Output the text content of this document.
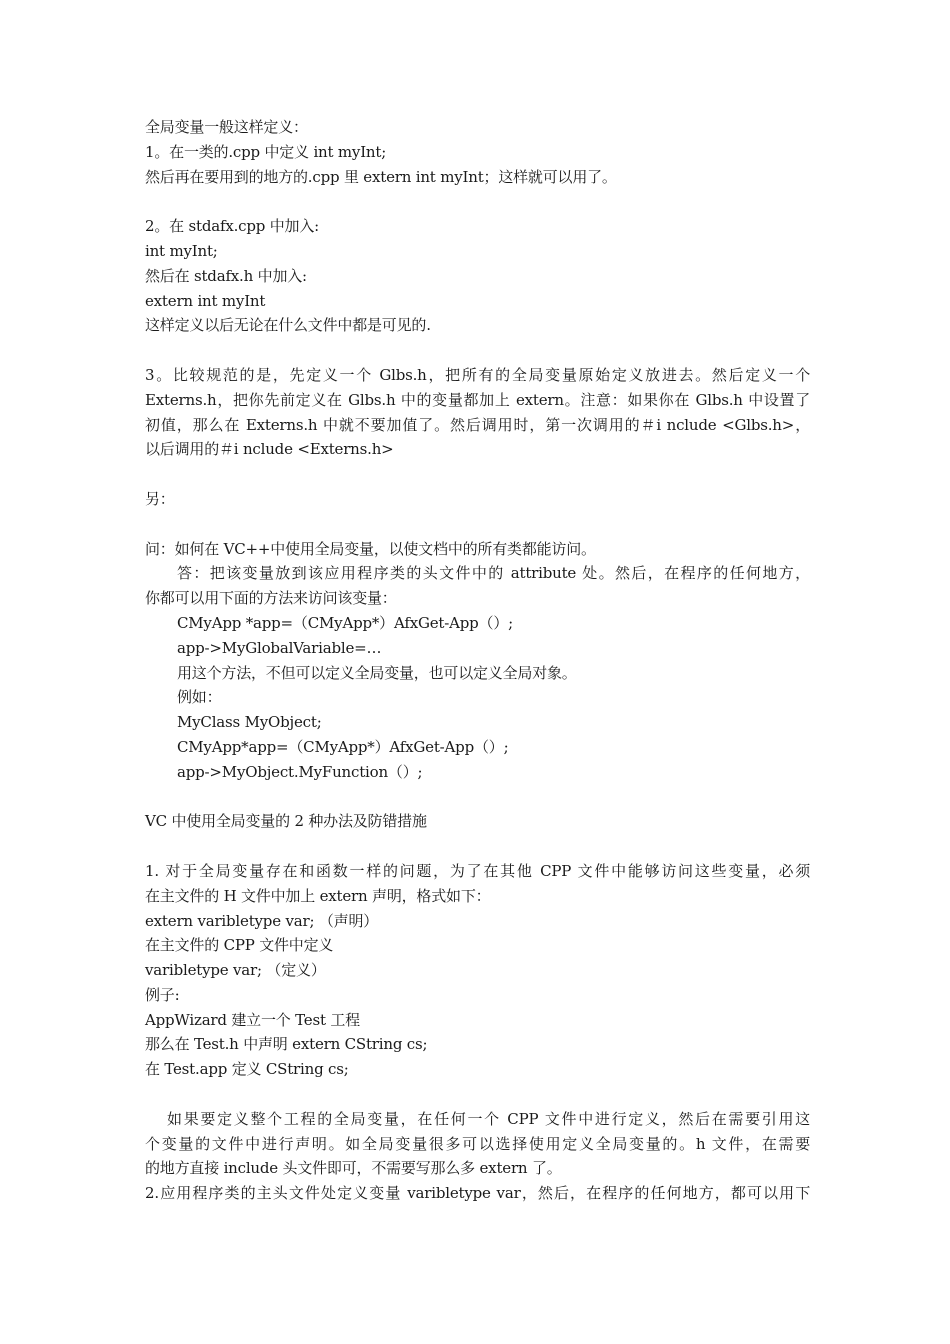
全局变量一般这样定义：
1。在一类的.cpp 中定义 int myInt;
然后再在要用到的地方的.cpp 里 extern int myInt；这样就可以用了。
2。在 stdafx.cpp 中加入:
int myInt;
然后在 stdafx.h 中加入:
extern int myInt
这样定义以后无论在什么文件中都是可见的.
3。比较规范的是，先定义一个 Glbs.h，把所有的全局变量原始定义放进去。然后定义一个
Externs.h，把你先前定义在 Glbs.h 中的变量都加上 extern。注意：如果你在 Glbs.h 中设置了
初值，那么在 Externs.h 中就不要加值了。然后调用时，第一次调用的＃i nclude <Glbs.h>，
以后调用的＃i nclude <Externs.h>
另：
问：如何在 VC++中使用全局变量，以使文档中的所有类都能访问。
答：把该变量放到该应用程序类的头文件中的 attribute 处。然后，在程序的任何地方，
你都可以用下面的方法来访问该变量：
CMyApp *app=（CMyApp*）AfxGet-App（）;
app->MyGlobalVariable=…
用这个方法，不但可以定义全局变量，也可以定义全局对象。
例如：
MyClass MyObject;
CMyApp*app=（CMyApp*）AfxGet-App（）;
app->MyObject.MyFunction（）;
VC 中使用全局变量的 2 种办法及防错措施
1. 对于全局变量存在和函数一样的问题，为了在其他 CPP 文件中能够访问这些变量，必须
在主文件的 H 文件中加上 extern 声明，格式如下：
extern varibletype var; （声明）
在主文件的 CPP 文件中定义
varibletype var; （定义）
例子:
AppWizard 建立一个 Test 工程
那么在 Test.h 中声明 extern CString cs;
在 Test.app 定义 CString cs;
如果要定义整个工程的全局变量，在任何一个 CPP 文件中进行定义，然后在需要引用这
个变量的文件中进行声明。如全局变量很多可以选择使用定义全局变量的。h 文件，在需要
的地方直接 include 头文件即可，不需要写那么多 extern 了。
2.应用程序类的主头文件处定义变量 varibletype var，然后，在程序的任何地方，都可以用下
